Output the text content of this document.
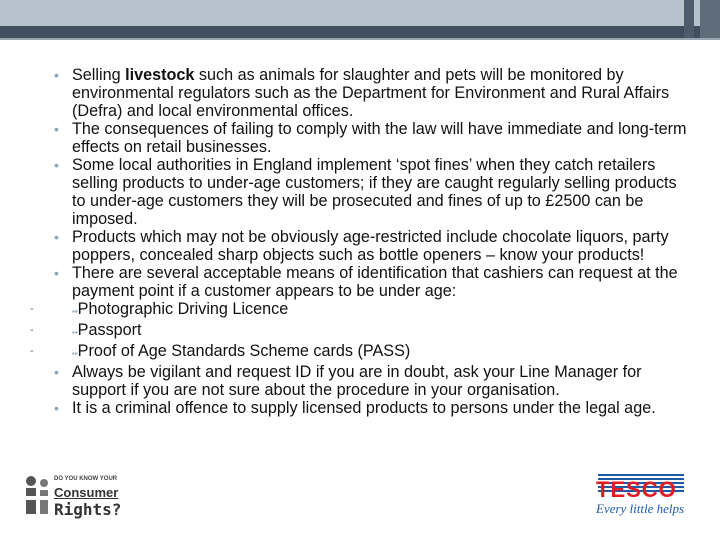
• Selling livestock such as animals for slaughter and pets will be monitored by environmental regulators such as the Department for Environment and Rural Affairs (Defra) and local environmental offices.
• The consequences of failing to comply with the law will have immediate and long-term effects on retail businesses.
• Some local authorities in England implement ‘spot fines’ when they catch retailers selling products to under-age customers; if they are caught regularly selling products to under-age customers they will be prosecuted and fines of up to £2500 can be imposed.
• Products which may not be obviously age-restricted include chocolate liquors, party poppers, concealed sharp objects such as bottle openers – know your products!
• There are several acceptable means of identification that cashiers can request at the payment point if a customer appears to be under age:
-	▪▪Photographic Driving Licence
-	▪▪Passport
-	▪▪Proof of Age Standards Scheme cards (PASS)
• Always be vigilant and request ID if you are in doubt, ask your Line Manager for support if you are not sure about the procedure in your organisation.
• It is a criminal offence to supply licensed products to persons under the legal age.
DO YOU KNOW YOUR
Consumer
Rights?
TESCO
Every little helps
